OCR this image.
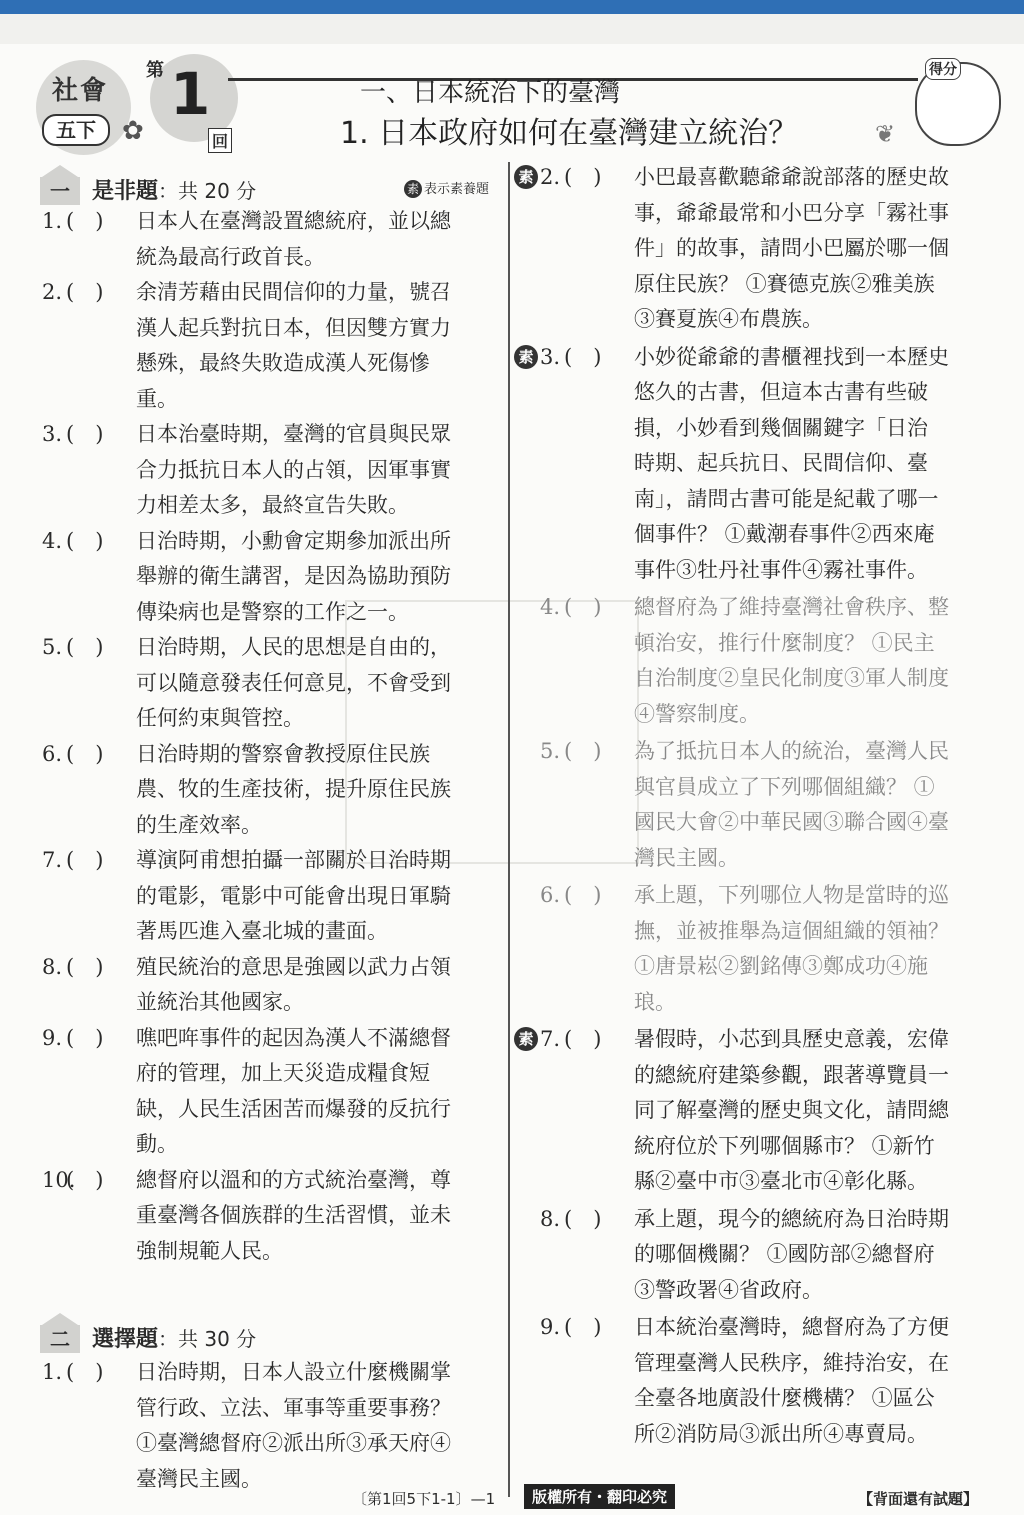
社會
五下
第 1
回
✿
一、日本統治下的臺灣
1. 日本政府如何在臺灣建立統治？
得分
❦
一 是非題：共 20 分	素 表示素養題
1. (　)	日本人在臺灣設置總統府，並以總
統為最高行政首長。
2. (　)	余清芳藉由民間信仰的力量，號召
漢人起兵對抗日本，但因雙方實力
懸殊，最終失敗造成漢人死傷慘
重。
3. (　)	日本治臺時期，臺灣的官員與民眾
合力抵抗日本人的占領，因軍事實
力相差太多，最終宣告失敗。
4. (　)	日治時期，小勳會定期參加派出所
舉辦的衛生講習，是因為協助預防
傳染病也是警察的工作之一。
5. (　)	日治時期，人民的思想是自由的，
可以隨意發表任何意見，不會受到
任何約束與管控。
6. (　)	日治時期的警察會教授原住民族
農、牧的生產技術，提升原住民族
的生產效率。
7. (　)	導演阿甫想拍攝一部關於日治時期
的電影，電影中可能會出現日軍騎
著馬匹進入臺北城的畫面。
8. (　)	殖民統治的意思是強國以武力占領
並統治其他國家。
9. (　)	噍吧哖事件的起因為漢人不滿總督
府的管理，加上天災造成糧食短
缺，人民生活困苦而爆發的反抗行
動。
10.
(　)	總督府以溫和的方式統治臺灣，尊
重臺灣各個族群的生活習慣，並未
強制規範人民。
二 選擇題：共 30 分
1. (　)	日治時期，日本人設立什麼機關掌
管行政、立法、軍事等重要事務？
①臺灣總督府②派出所③承天府④
臺灣民主國。
2. (　)	小巴最喜歡聽爺爺說部落的歷史故
事，爺爺最常和小巴分享「霧社事
件」的故事，請問小巴屬於哪一個
原住民族？ ①賽德克族②雅美族
③賽夏族④布農族。
素
3. (　)	小妙從爺爺的書櫃裡找到一本歷史
悠久的古書，但這本古書有些破
損，小妙看到幾個關鍵字「日治
時期、起兵抗日、民間信仰、臺
南」，請問古書可能是紀載了哪一
個事件？ ①戴潮春事件②西來庵
事件③牡丹社事件④霧社事件。
素
4. (　)	總督府為了維持臺灣社會秩序、整
頓治安，推行什麼制度？ ①民主
自治制度②皇民化制度③軍人制度
④警察制度。
5. (　)	為了抵抗日本人的統治，臺灣人民
與官員成立了下列哪個組織？ ①
國民大會②中華民國③聯合國④臺
灣民主國。
6. (　)	承上題，下列哪位人物是當時的巡
撫，並被推舉為這個組織的領袖？
①唐景崧②劉銘傳③鄭成功④施
琅。
7. (　)	暑假時，小芯到具歷史意義，宏偉
的總統府建築參觀，跟著導覽員一
同了解臺灣的歷史與文化，請問總
統府位於下列哪個縣市？ ①新竹
縣②臺中市③臺北市④彰化縣。
素
8. (　)	承上題，現今的總統府為日治時期
的哪個機關？ ①國防部②總督府
③警政署④省政府。
9. (　)	日本統治臺灣時，總督府為了方便
管理臺灣人民秩序，維持治安，在
全臺各地廣設什麼機構？ ①區公
所②消防局③派出所④專賣局。
〔第1回5下1-1〕—1	版權所有・翻印必究	【背面還有試題】
